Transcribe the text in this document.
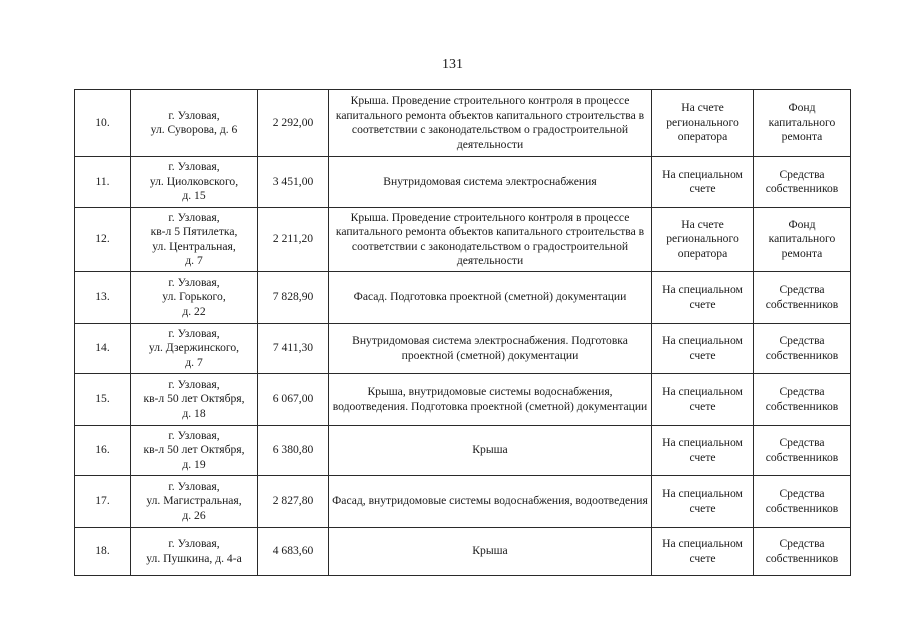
131
10.	г. Узловая,
ул. Суворова, д. 6	2 292,00	Крыша. Проведение строительного контроля в процессе капитального ремонта объектов капитального строительства в соответствии с законодательством о градостроительной деятельности	На счете
регионального
оператора	Фонд
капитального
ремонта

11.	г. Узловая,
ул. Циолковского,
д. 15	3 451,00	Внутридомовая система электроснабжения	На специальном
счете	Средства
собственников

12.	г. Узловая,
кв-л 5 Пятилетка,
ул. Центральная,
д. 7	2 211,20	Крыша. Проведение строительного контроля в процессе капитального ремонта объектов капитального строительства в соответствии с законодательством о градостроительной деятельности	На счете
регионального
оператора	Фонд
капитального
ремонта

13.	г. Узловая,
ул. Горького,
д. 22	7 828,90	Фасад. Подготовка проектной (сметной) документации	На специальном
счете	Средства
собственников

14.	г. Узловая,
ул. Дзержинского,
д. 7	7 411,30	Внутридомовая система электроснабжения. Подготовка проектной (сметной) документации	На специальном
счете	Средства
собственников

15.	г. Узловая,
кв-л 50 лет Октября,
д. 18	6 067,00	Крыша, внутридомовые системы водоснабжения, водоотведения. Подготовка проектной (сметной) документации	На специальном
счете	Средства
собственников

16.	г. Узловая,
кв-л 50 лет Октября,
д. 19	6 380,80	Крыша	На специальном
счете	Средства
собственников

17.	г. Узловая,
ул. Магистральная,
д. 26	2 827,80	Фасад, внутридомовые системы водоснабжения, водоотведения	На специальном
счете	Средства
собственников

18.	г. Узловая,
ул. Пушкина, д. 4-а	4 683,60	Крыша	На специальном
счете	Средства
собственников
